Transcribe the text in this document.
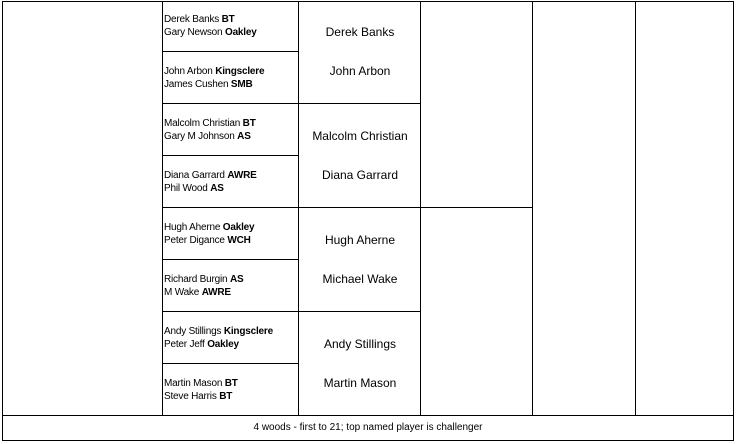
Derek Banks BT
Gary Newson Oakley
John Arbon Kingsclere
James Cushen SMB
Malcolm Christian BT
Gary M Johnson AS
Diana Garrard AWRE
Phil Wood AS
Hugh Aherne Oakley
Peter Digance WCH
Richard Burgin AS
M Wake AWRE
Andy Stillings Kingsclere
Peter Jeff Oakley
Martin Mason BT
Steve Harris BT
Derek Banks
John Arbon
Malcolm Christian
Diana Garrard
Hugh Aherne
Michael Wake
Andy Stillings
Martin Mason
4 woods - first to 21; top named player is challenger
